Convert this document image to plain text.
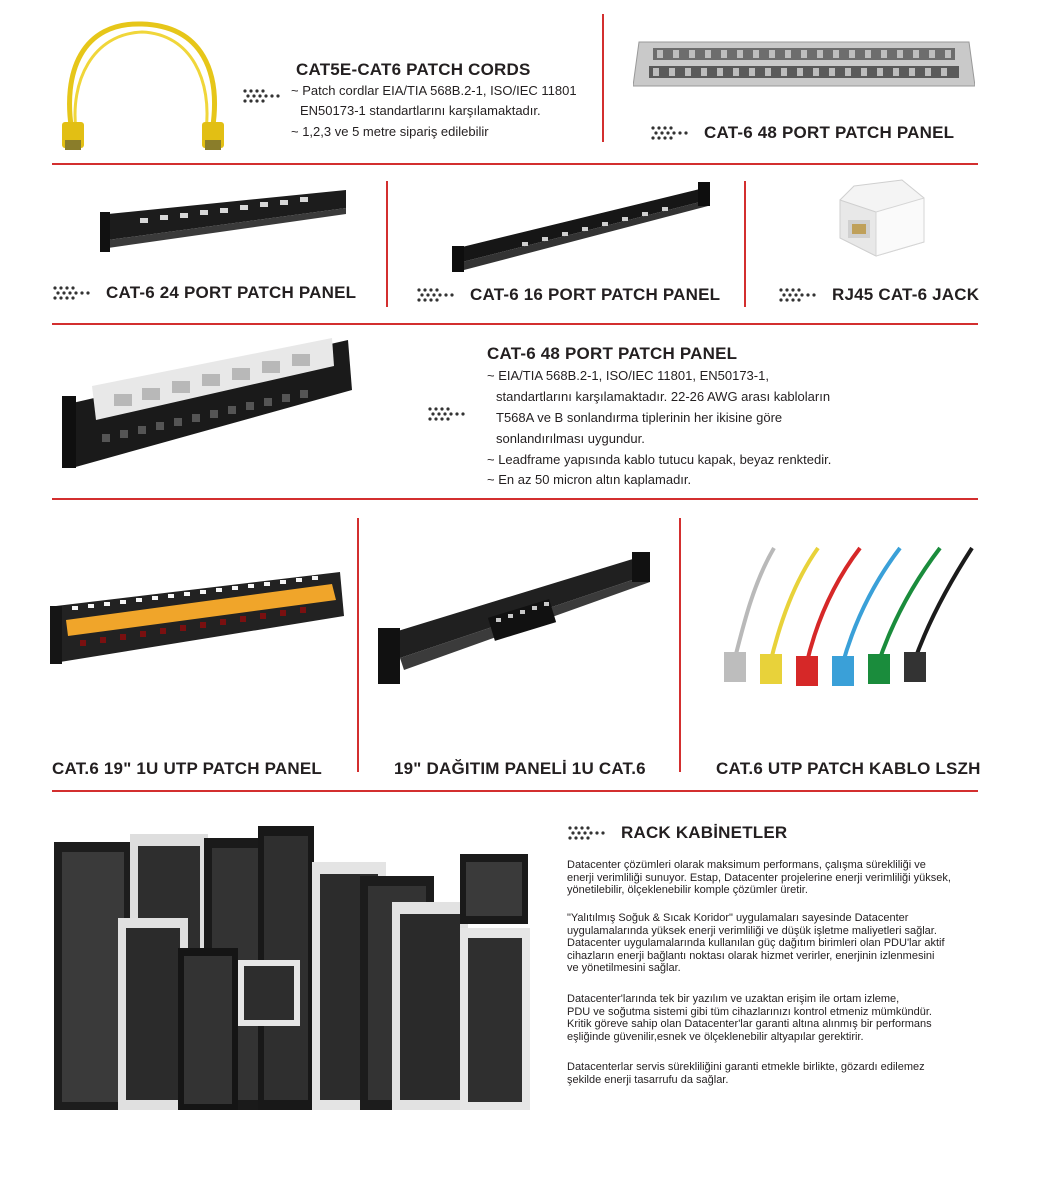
CAT5E-CAT6 PATCH CORDS
~ Patch cordlar EIA/TIA 568B.2-1, ISO/IEC 11801
EN50173-1 standartlarını karşılamaktadır.
~ 1,2,3 ve 5 metre sipariş edilebilir	CAT-6 48 PORT PATCH PANEL
CAT-6 24 PORT PATCH PANEL	CAT-6 16 PORT PATCH PANEL	RJ45 CAT-6 JACK
CAT-6 48 PORT PATCH PANEL
~ EIA/TIA 568B.2-1, ISO/IEC 11801, EN50173-1,
standartlarını karşılamaktadır. 22-26 AWG arası kabloların
T568A ve B sonlandırma tiplerinin her ikisine göre
sonlandırılması uygundur.
~ Leadframe yapısında kablo tutucu kapak, beyaz renktedir.
~ En az 50 micron altın kaplamadır.
CAT.6 19" 1U UTP PATCH PANEL	19" DAĞITIM PANELİ 1U CAT.6	CAT.6 UTP PATCH KABLO LSZH
RACK KABİNETLER
Datacenter çözümleri olarak maksimum performans, çalışma sürekliliği ve
enerji verimliliği sunuyor. Estap, Datacenter projelerine enerji verimliliği yüksek,
yönetilebilir, ölçeklenebilir komple çözümler üretir.
"Yalıtılmış Soğuk & Sıcak Koridor" uygulamaları sayesinde Datacenter
uygulamalarında yüksek enerji verimliliği ve düşük işletme maliyetleri sağlar.
Datacenter uygulamalarında kullanılan güç dağıtım birimleri olan PDU'lar aktif
cihazların enerji bağlantı noktası olarak hizmet verirler, enerjinin izlenmesini
ve yönetilmesini sağlar.
Datacenter'larında tek bir yazılım ve uzaktan erişim ile ortam izleme,
PDU ve soğutma sistemi gibi tüm cihazlarınızı kontrol etmeniz mümkündür.
Kritik göreve sahip olan Datacenter'lar garanti altına alınmış bir performans
eşliğinde güvenilir,esnek ve ölçeklenebilir altyapılar gerektirir.
Datacenterlar servis sürekliliğini garanti etmekle birlikte, gözardı edilemez
şekilde enerji tasarrufu da sağlar.
